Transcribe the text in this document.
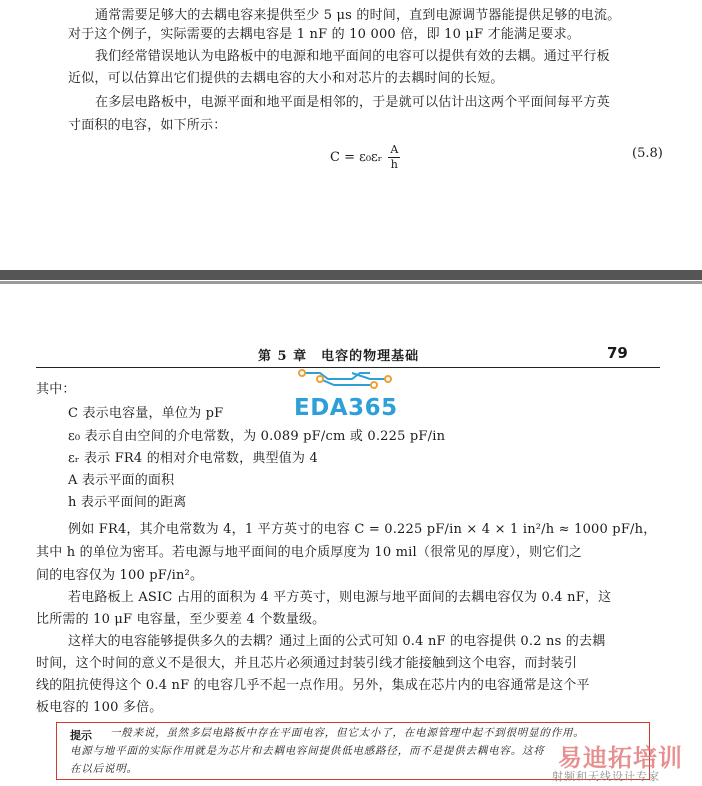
通常需要足够大的去耦电容来提供至少 5 μs 的时间，直到电源调节器能提供足够的电流。
对于这个例子，实际需要的去耦电容是 1 nF 的 10 000 倍，即 10 μF 才能满足要求。
我们经常错误地认为电路板中的电源和地平面间的电容可以提供有效的去耦。通过平行板
近似，可以估算出它们提供的去耦电容的大小和对芯片的去耦时间的长短。
在多层电路板中，电源平面和地平面是相邻的，于是就可以估计出这两个平面间每平方英
寸面积的电容，如下所示：
C = ε₀εᵣ $\frac{A}{h}$	(5.8)
第 5 章　电容的物理基础	79
EDA365
其中：
C 表示电容量，单位为 pF
ε₀ 表示自由空间的介电常数，为 0.089 pF/cm 或 0.225 pF/in
εᵣ 表示 FR4 的相对介电常数，典型值为 4
A 表示平面的面积
h 表示平面间的距离
例如 FR4，其介电常数为 4，1 平方英寸的电容 C = 0.225 pF/in × 4 × 1 in²/h ≈ 1000 pF/h，
其中 h 的单位为密耳。若电源与地平面间的电介质厚度为 10 mil（很常见的厚度），则它们之
间的电容仅为 100 pF/in²。
若电路板上 ASIC 占用的面积为 4 平方英寸，则电源与地平面间的去耦电容仅为 0.4 nF，这
比所需的 10 μF 电容量，至少要差 4 个数量级。
这样大的电容能够提供多久的去耦？通过上面的公式可知 0.4 nF 的电容提供 0.2 ns 的去耦
时间，这个时间的意义不是很大，并且芯片必须通过封装引线才能接触到这个电容，而封装引
线的阻抗使得这个 0.4 nF 的电容几乎不起一点作用。另外，集成在芯片内的电容通常是这个平
板电容的 100 多倍。
提示 一般来说，虽然多层电路板中存在平面电容，但它太小了，在电源管理中起不到很明显的作用。
电源与地平面的实际作用就是为芯片和去耦电容间提供低电感路径，而不是提供去耦电容。这将
在以后说明。	易迪拓培训
射频和天线设计专家
